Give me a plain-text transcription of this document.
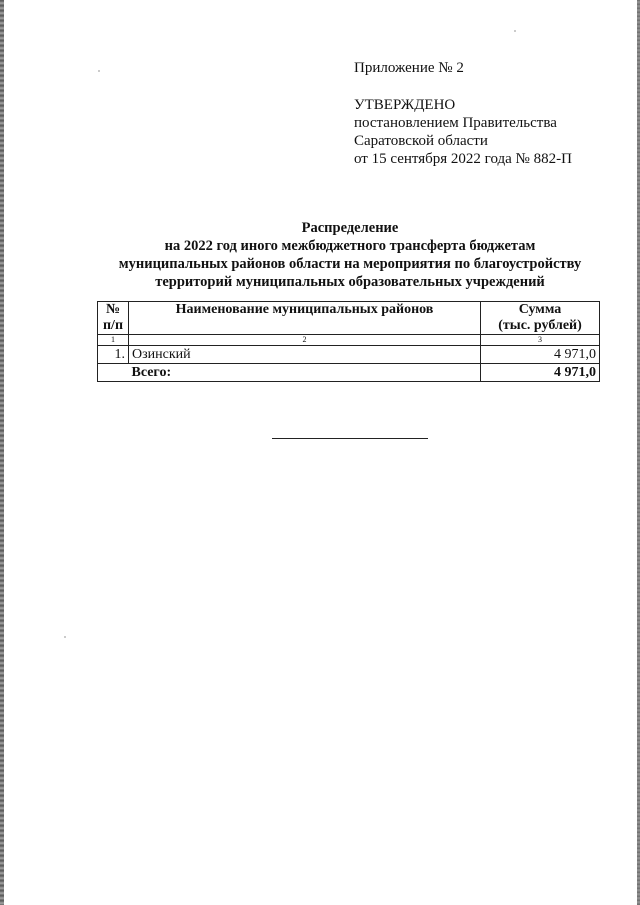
Приложение № 2
УТВЕРЖДЕНО
постановлением Правительства
Саратовской области
от 15 сентября 2022 года № 882-П
Распределение
на 2022 год иного межбюджетного трансферта бюджетам
муниципальных районов области на мероприятия по благоустройству
территорий муниципальных образовательных учреждений
№
п/п	Наименование муниципальных районов	Сумма
(тыс. рублей)
1	2	3
1.	Озинский	4 971,0
	Всего:	4 971,0
